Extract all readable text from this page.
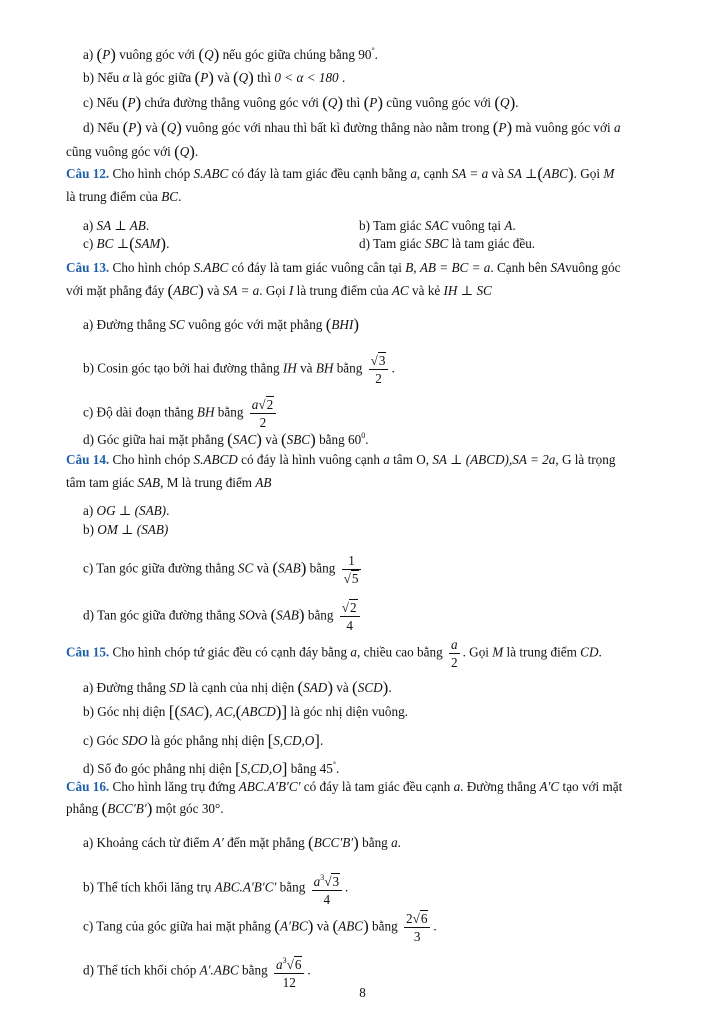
a) (P) vuông góc với (Q) nếu góc giữa chúng bằng 90°.
b) Nếu α là góc giữa (P) và (Q) thì 0 < α < 180 .
c) Nếu (P) chứa đường thẳng vuông góc với (Q) thì (P) cũng vuông góc với (Q).
d) Nếu (P) và (Q) vuông góc với nhau thì bất kì đường thẳng nào nằm trong (P) mà vuông góc với a
cũng vuông góc với (Q).
Câu 12. Cho hình chóp S.ABC có đáy là tam giác đều cạnh bằng a, cạnh SA = a và SA ⊥(ABC). Gọi M
là trung điểm của BC.
a) SA ⊥ AB.	b) Tam giác SAC vuông tại A.
c) BC ⊥(SAM).	d) Tam giác SBC là tam giác đều.
Câu 13. Cho hình chóp S.ABC có đáy là tam giác vuông cân tại B, AB = BC = a. Cạnh bên SAvuông góc
với mặt phẳng đáy (ABC) và SA = a. Gọi I là trung điểm của AC và kẻ IH ⊥ SC
a) Đường thẳng SC vuông góc với mặt phẳng (BHI)
b) Cosin góc tạo bởi hai đường thẳng IH và BH bằng $\frac{√3}{2}$ .
c) Độ dài đoạn thẳng BH bằng $\frac{a√2}{2}$
d) Góc giữa hai mặt phẳng (SAC) và (SBC) bằng $60^0$.
Câu 14. Cho hình chóp S.ABCD có đáy là hình vuông cạnh a tâm O, SA ⊥ (ABCD),SA = 2a, G là trọng
tâm tam giác SAB, M là trung điểm AB
a) OG ⊥ (SAB).
b) OM ⊥ (SAB)
c) Tan góc giữa đường thẳng SC và (SAB) bằng $\frac{1}{√5}$
d) Tan góc giữa đường thẳng SOvà (SAB) bằng $\frac{√2}{4}$
Câu 15. Cho hình chóp tứ giác đều có cạnh đáy bằng a, chiều cao bằng $\frac{a}{2}$ . Gọi M là trung điểm CD.
a) Đường thẳng SD là cạnh của nhị diện (SAD) và (SCD).
b) Góc nhị diện [(SAC), AC,(ABCD)] là góc nhị diện vuông.
c) Góc SDO là góc phẳng nhị diện [S,CD,O].
d) Số đo góc phẳng nhị diện [S,CD,O] bằng 45°.
Câu 16. Cho hình lăng trụ đứng ABC.A′B′C′ có đáy là tam giác đều cạnh a. Đường thẳng A′C tạo với mặt
phẳng (BCC′B′) một góc 30°.
a) Khoảng cách từ điểm A′ đến mặt phẳng (BCC′B′) bằng a.
b) Thể tích khối lăng trụ ABC.A′B′C′ bằng $\frac{a^3√3}{4}$ .
c) Tang của góc giữa hai mặt phẳng (A′BC) và (ABC) bằng $\frac{2√6}{3}$ .
d) Thể tích khối chóp A′.ABC bằng $\frac{a^3√6}{12}$ .
8
